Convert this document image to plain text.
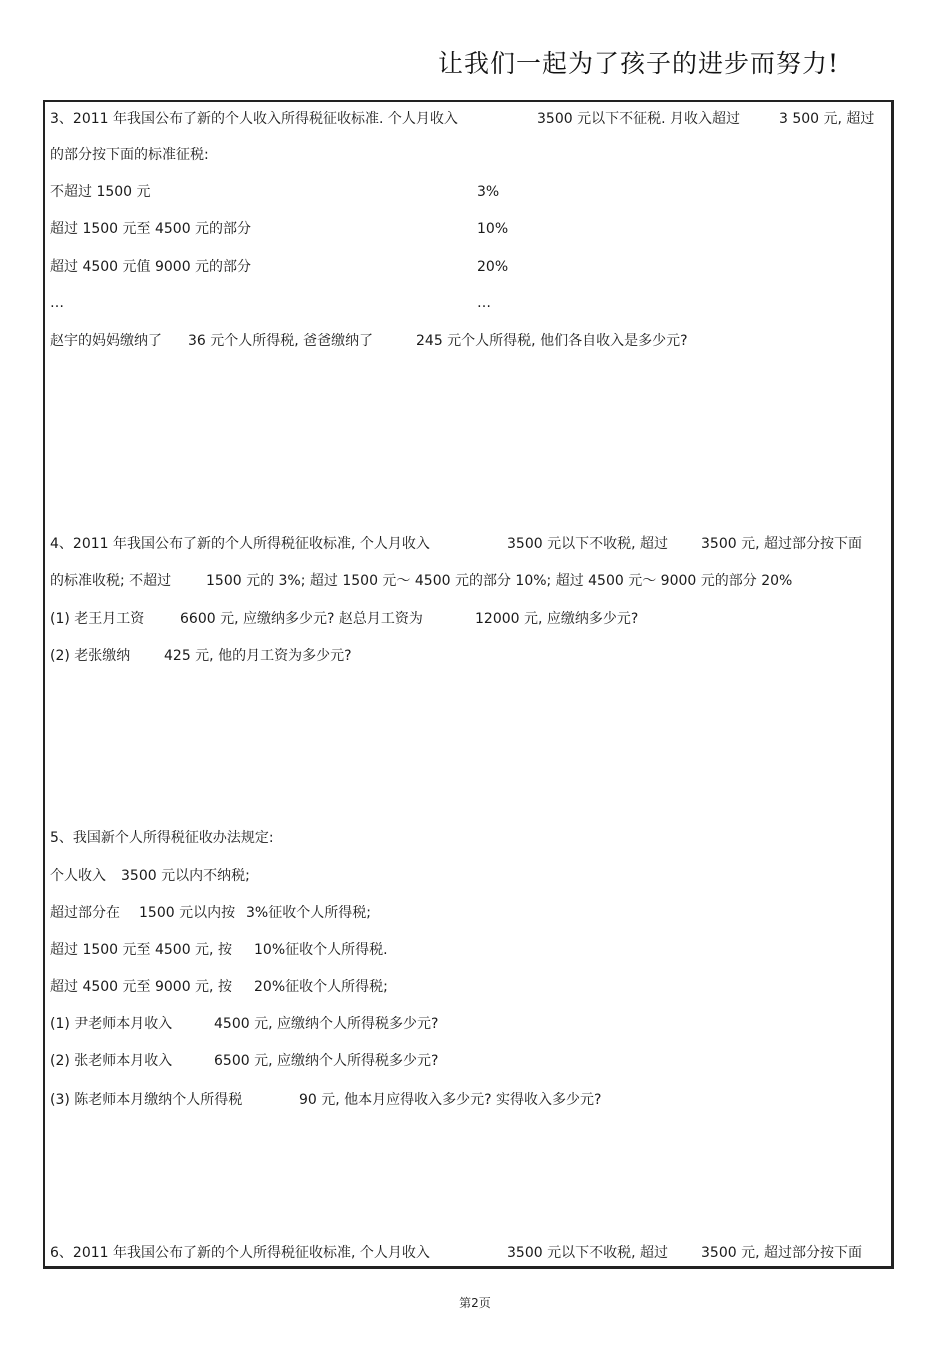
让我们一起为了孩子的进步而努力!
3、2011 年我国公布了新的个人收入所得税征收标准. 个人月收入	3500 元以下不征税. 月收入超过	3 500 元, 超过
的部分按下面的标准征税:
不超过 1500 元	3%
超过 1500 元至 4500 元的部分	10%
超过 4500 元值 9000 元的部分	20%
…	…
赵宇的妈妈缴纳了 36 元个人所得税, 爸爸缴纳了	245 元个人所得税, 他们各自收入是多少元?
4、2011 年我国公布了新的个人所得税征收标准, 个人月收入	3500 元以下不收税, 超过 3500 元, 超过部分按下面
的标准收税; 不超过 1500 元的 3%; 超过 1500 元～ 4500 元的部分 10%; 超过 4500 元～ 9000 元的部分 20%
(1) 老王月工资	6600 元, 应缴纳多少元? 赵总月工资为	12000 元, 应缴纳多少元?
(2) 老张缴纳 425 元, 他的月工资为多少元?
5、我国新个人所得税征收办法规定:
个人收入 3500 元以内不纳税;
超过部分在 1500 元以内按 3%征收个人所得税;
超过 1500 元至 4500 元, 按 10%征收个人所得税.
超过 4500 元至 9000 元, 按 20%征收个人所得税;
(1) 尹老师本月收入	4500 元, 应缴纳个人所得税多少元?
(2) 张老师本月收入	6500 元, 应缴纳个人所得税多少元?
(3) 陈老师本月缴纳个人所得税	90 元, 他本月应得收入多少元? 实得收入多少元?
6、2011 年我国公布了新的个人所得税征收标准, 个人月收入	3500 元以下不收税, 超过 3500 元, 超过部分按下面
第2页
